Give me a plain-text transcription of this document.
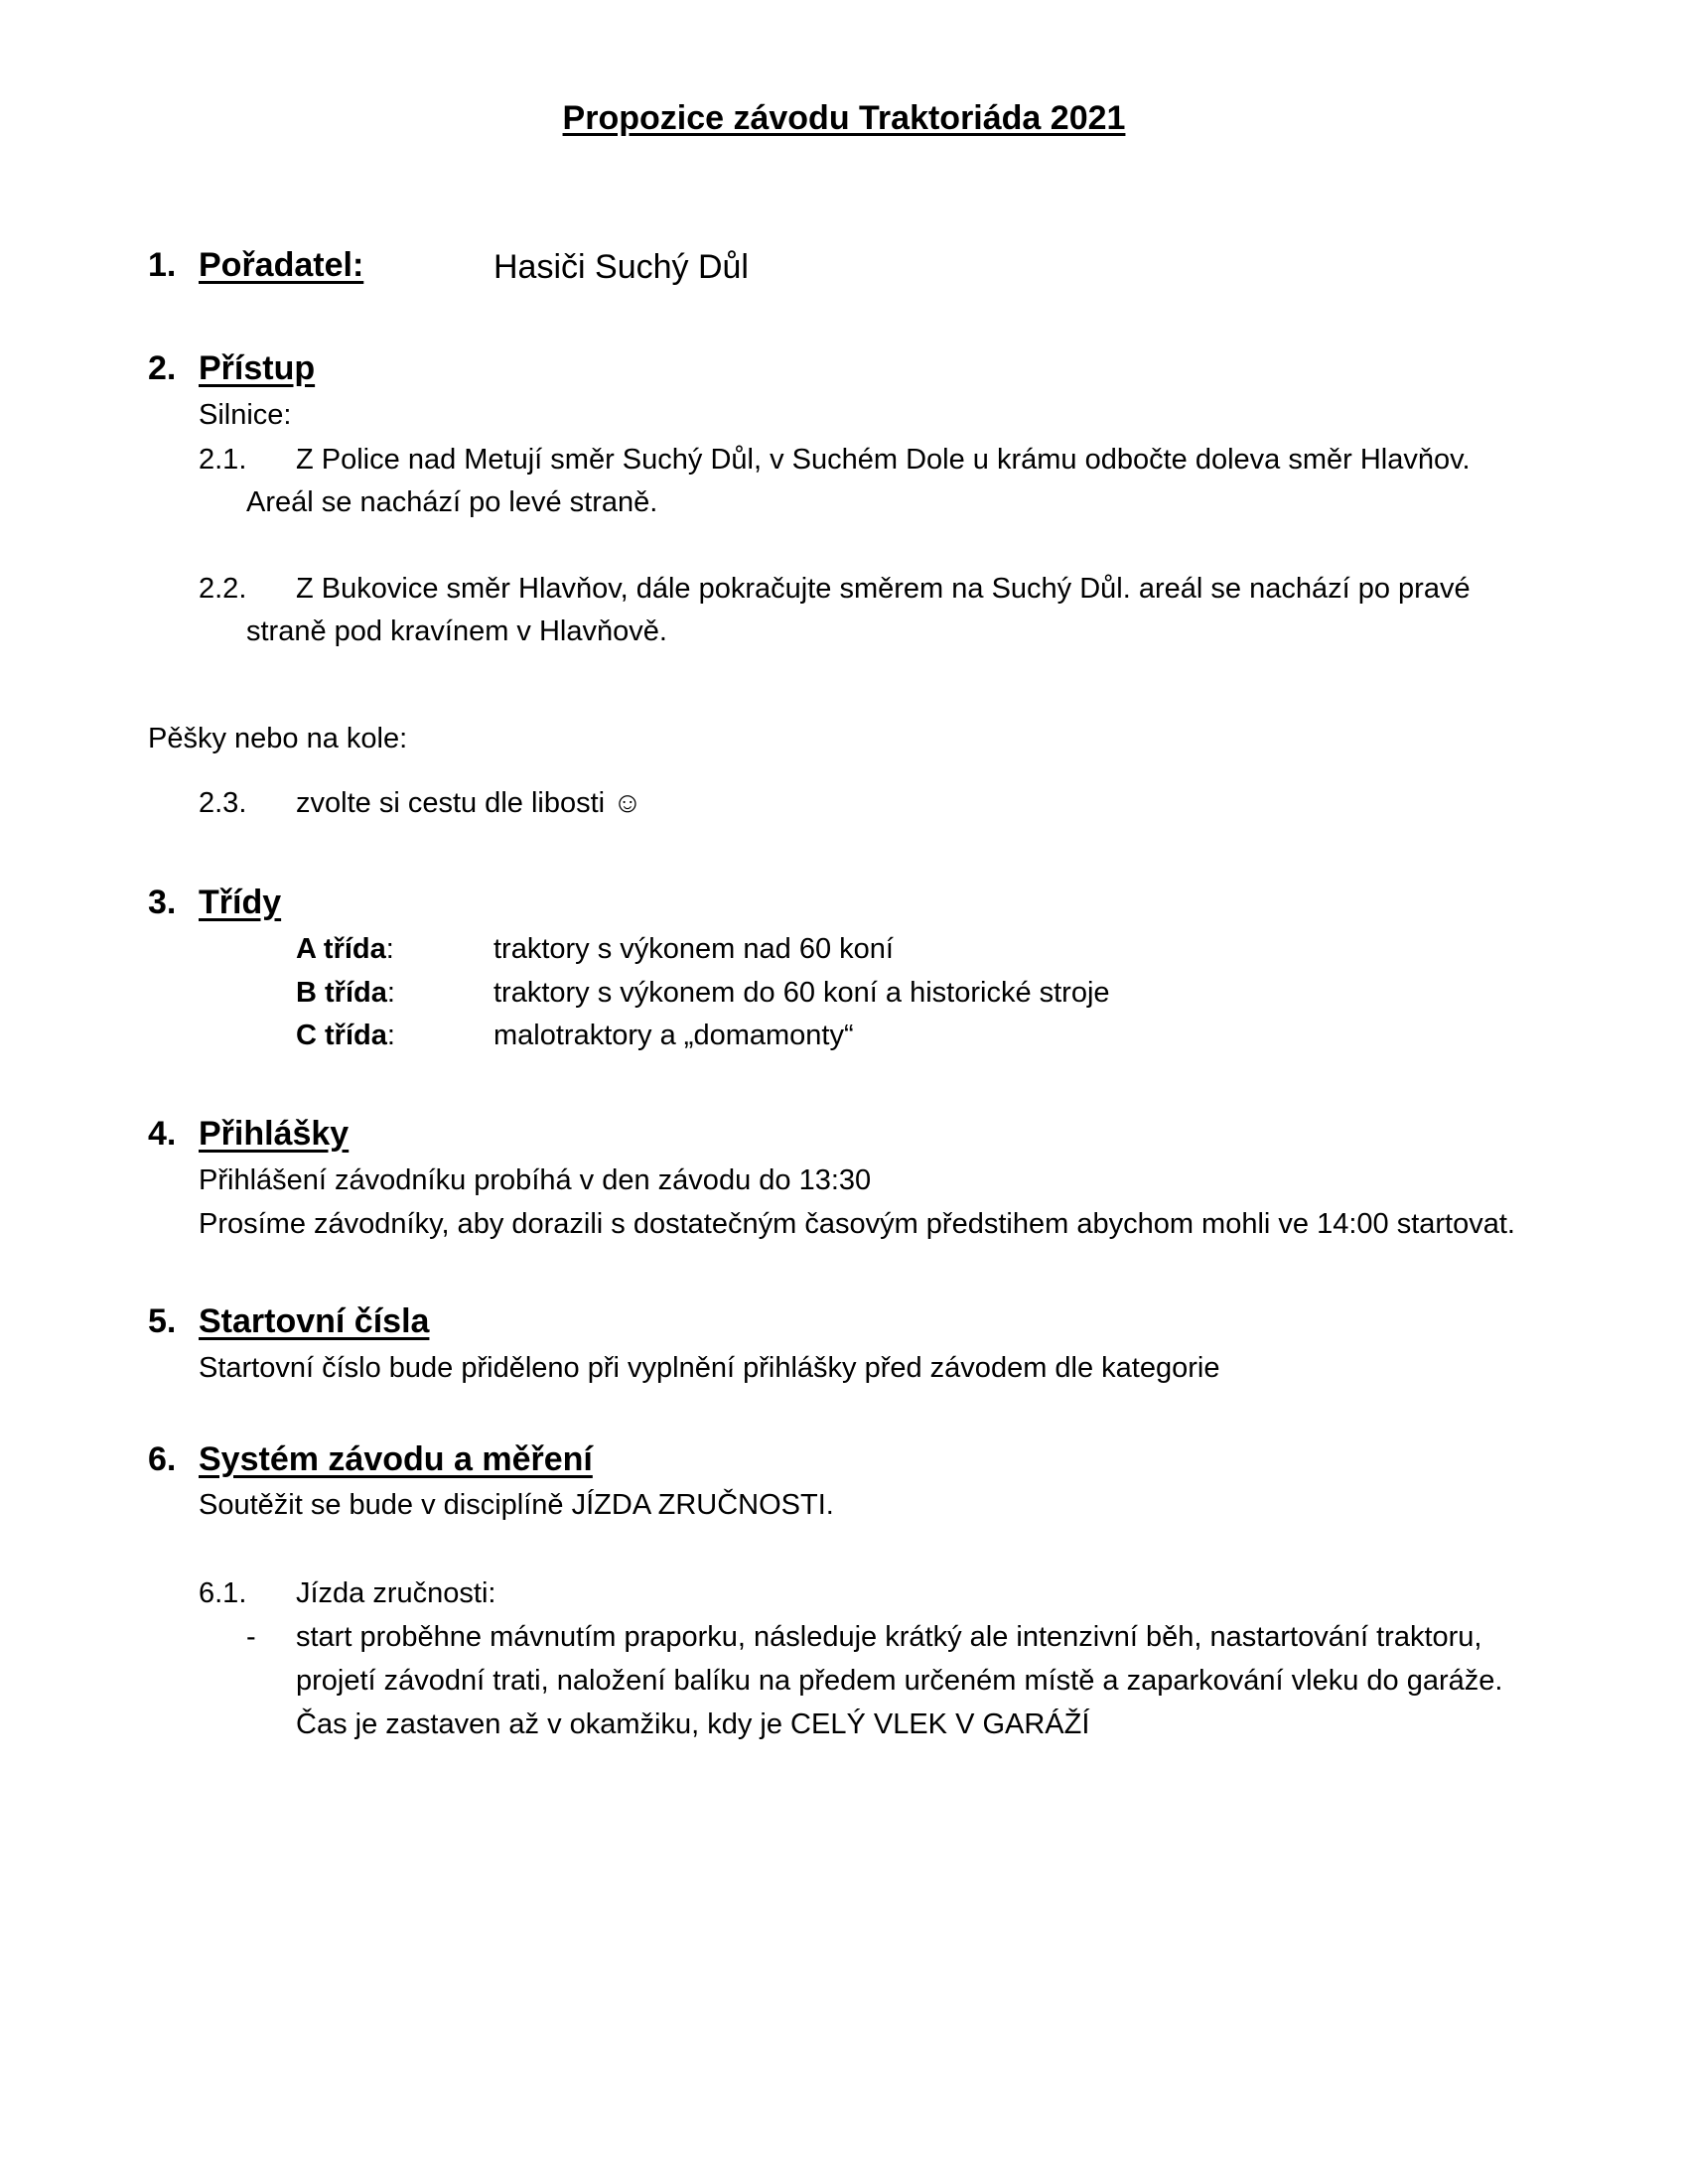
Propozice závodu Traktoriáda 2021
1. Pořadatel:	Hasiči Suchý Důl
2. Přístup
Silnice:
2.1. Z Police nad Metují směr Suchý Důl, v Suchém Dole u krámu odbočte doleva směr Hlavňov.
Areál se nachází po levé straně.
2.2. Z Bukovice směr Hlavňov, dále pokračujte směrem na Suchý Důl. areál se nachází po pravé
straně pod kravínem v Hlavňově.
Pěšky nebo na kole:
2.3. zvolte si cestu dle libosti ☺
3. Třídy
A třída:	traktory s výkonem nad 60 koní
B třída:	traktory s výkonem do 60 koní a historické stroje
C třída:	malotraktory a „domamonty“
4. Přihlášky
Přihlášení závodníku probíhá v den závodu do 13:30
Prosíme závodníky, aby dorazili s dostatečným časovým předstihem abychom mohli ve 14:00 startovat.
5. Startovní čísla
Startovní číslo bude přiděleno při vyplnění přihlášky před závodem dle kategorie
6. Systém závodu a měření
Soutěžit se bude v disciplíně JÍZDA ZRUČNOSTI.
6.1. Jízda zručnosti:
- start proběhne mávnutím praporku, následuje krátký ale intenzivní běh, nastartování traktoru,
projetí závodní trati, naložení balíku na předem určeném místě a zaparkování vleku do garáže.
Čas je zastaven až v okamžiku, kdy je CELÝ VLEK V GARÁŽÍ
